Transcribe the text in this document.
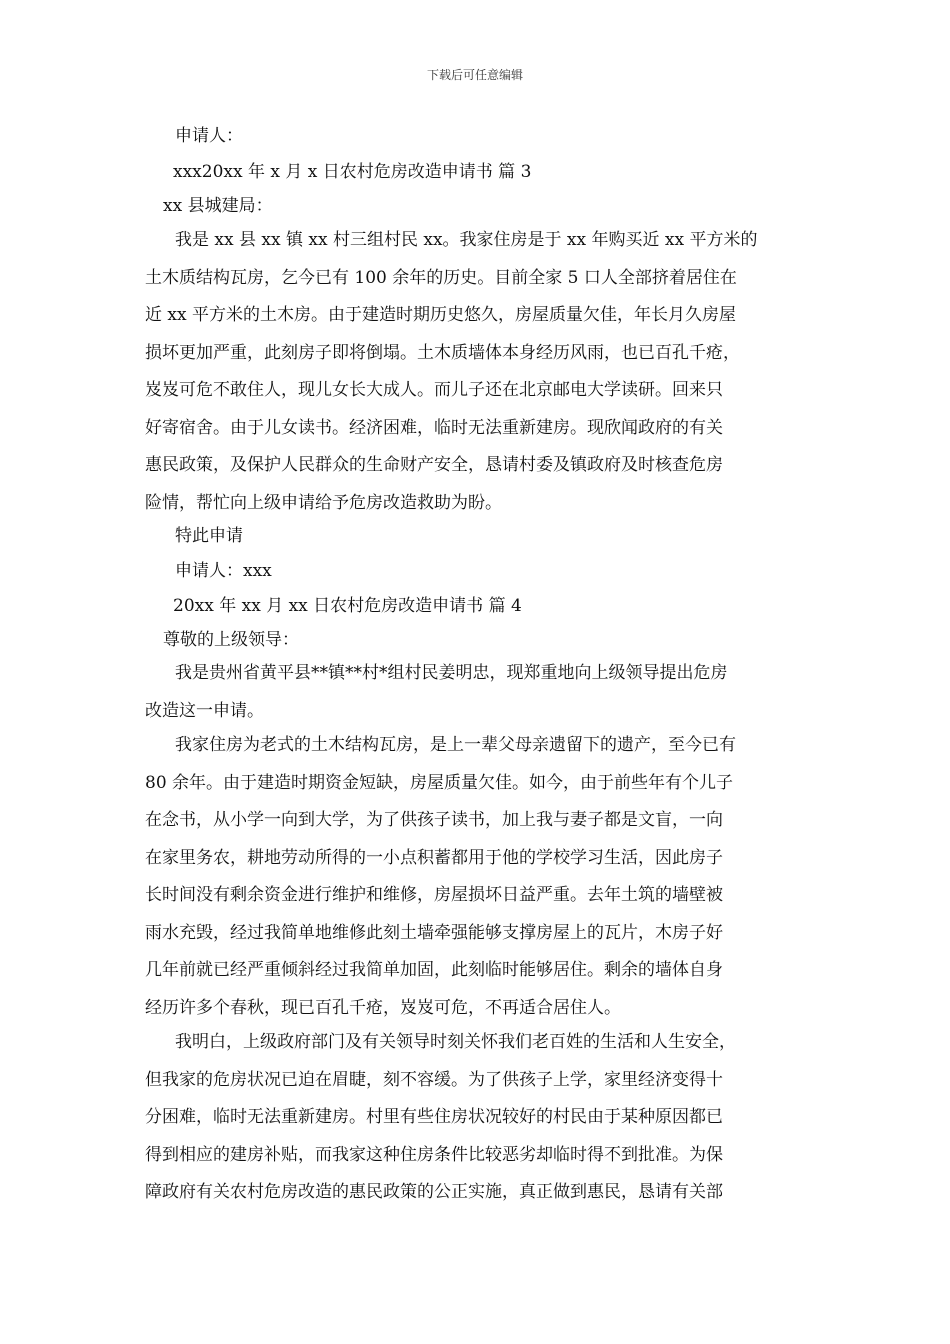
下载后可任意编辑
申请人：
xxx20xx 年 x 月 x 日农村危房改造申请书 篇 3
xx 县城建局：
我是 xx 县 xx 镇 xx 村三组村民 xx。我家住房是于 xx 年购买近 xx 平方米的
土木质结构瓦房，乞今已有 100 余年的历史。目前全家 5 口人全部挤着居住在
近 xx 平方米的土木房。由于建造时期历史悠久，房屋质量欠佳，年长月久房屋
损坏更加严重，此刻房子即将倒塌。土木质墙体本身经历风雨，也已百孔千疮，
岌岌可危不敢住人，现儿女长大成人。而儿子还在北京邮电大学读研。回来只
好寄宿舍。由于儿女读书。经济困难，临时无法重新建房。现欣闻政府的有关
惠民政策，及保护人民群众的生命财产安全，恳请村委及镇政府及时核查危房
险情，帮忙向上级申请给予危房改造救助为盼。
特此申请
申请人：xxx
20xx 年 xx 月 xx 日农村危房改造申请书 篇 4
尊敬的上级领导：
我是贵州省黄平县**镇**村*组村民姜明忠，现郑重地向上级领导提出危房
改造这一申请。
我家住房为老式的土木结构瓦房，是上一辈父母亲遗留下的遗产，至今已有
80 余年。由于建造时期资金短缺，房屋质量欠佳。如今，由于前些年有个儿子
在念书，从小学一向到大学，为了供孩子读书，加上我与妻子都是文盲，一向
在家里务农，耕地劳动所得的一小点积蓄都用于他的学校学习生活，因此房子
长时间没有剩余资金进行维护和维修，房屋损坏日益严重。去年土筑的墙壁被
雨水充毁，经过我简单地维修此刻土墙牵强能够支撑房屋上的瓦片，木房子好
几年前就已经严重倾斜经过我简单加固，此刻临时能够居住。剩余的墙体自身
经历许多个春秋，现已百孔千疮，岌岌可危，不再适合居住人。
我明白，上级政府部门及有关领导时刻关怀我们老百姓的生活和人生安全，
但我家的危房状况已迫在眉睫，刻不容缓。为了供孩子上学，家里经济变得十
分困难，临时无法重新建房。村里有些住房状况较好的村民由于某种原因都已
得到相应的建房补贴，而我家这种住房条件比较恶劣却临时得不到批准。为保
障政府有关农村危房改造的惠民政策的公正实施，真正做到惠民，恳请有关部
